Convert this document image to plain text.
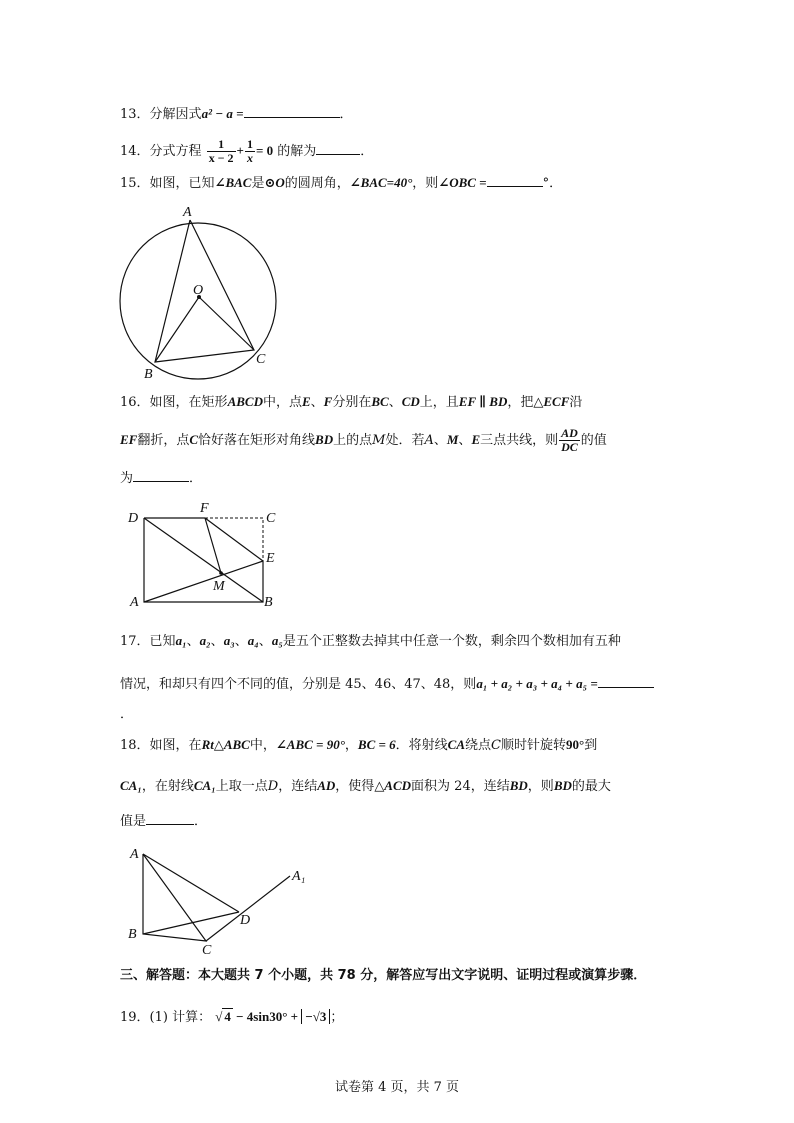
13．分解因式a² − a =	．
14．分式方程 $\frac{1}{x - 2} + \frac{1}{x} = 0$ 的解为	．
15．如图，已知∠BAC是⊙O的圆周角，∠BAC=40°，则∠OBC =	°．
A
O
B
C
16．如图，在矩形ABCD中，点E、F分别在BC、CD上，且EF ∥ BD，把△ECF沿
EF翻折，点C恰好落在矩形对角线BD上的点M处．若A、M、E三点共线，则 $\frac{AD}{DC}$ 的值
为	．
D
F
C
E
M
A	B
17．已知a₁、a₂、a₃、a₄、a₅是五个正整数去掉其中任意一个数，剩余四个数相加有五种
情况，和却只有四个不同的值，分别是 45、46、47、48，则a₁ + a₂ + a₃ + a₄ + a₅ =
．
18．如图，在Rt△ABC中，∠ABC = 90°，BC = 6．将射线CA绕点C顺时针旋转90°到
CA₁，在射线CA₁上取一点D，连结AD，使得△ACD面积为 24，连结BD，则BD的最大
值是	．
A
A₁
D
B
C
三、解答题：本大题共 7 个小题，共 78 分，解答应写出文字说明、证明过程或演算步骤．
19．(1) 计算： √ 4 − 4sin30° + −√3 ；
试卷第 4 页，共 7 页
